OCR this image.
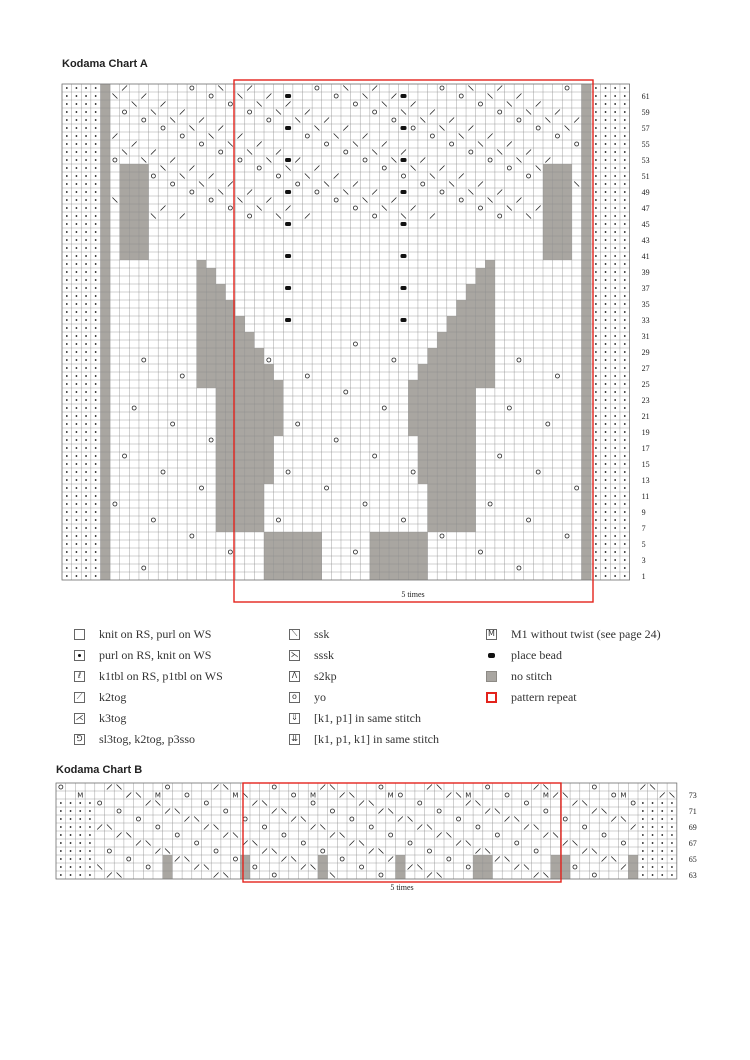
Kodama Chart A
Kodama Chart B
1
3
5
7
9
11
13
15
17
19
21
23
25
27
29
31
33
35
37
39
41
43
45
47
49
51
53
55
57
59
61
M	M	M	M	M	M	M	M
63
65
67
69
71
73
5 times
5 times
knit on RS, purl on WS
purl on RS, knit on WS
ℓ	k1tbl on RS, p1tbl on WS
⟋ k2tog
⋌ k3tog
⅁ sl3tog, k2tog, p3sso
⟍ ssk
⋋ sssk
Λ s2kp
o yo
⇓ [k1, p1] in same stitch
⇊ [k1, p1, k1] in same stitch
M M1 without twist (see page 24)
place bead
no stitch
pattern repeat
